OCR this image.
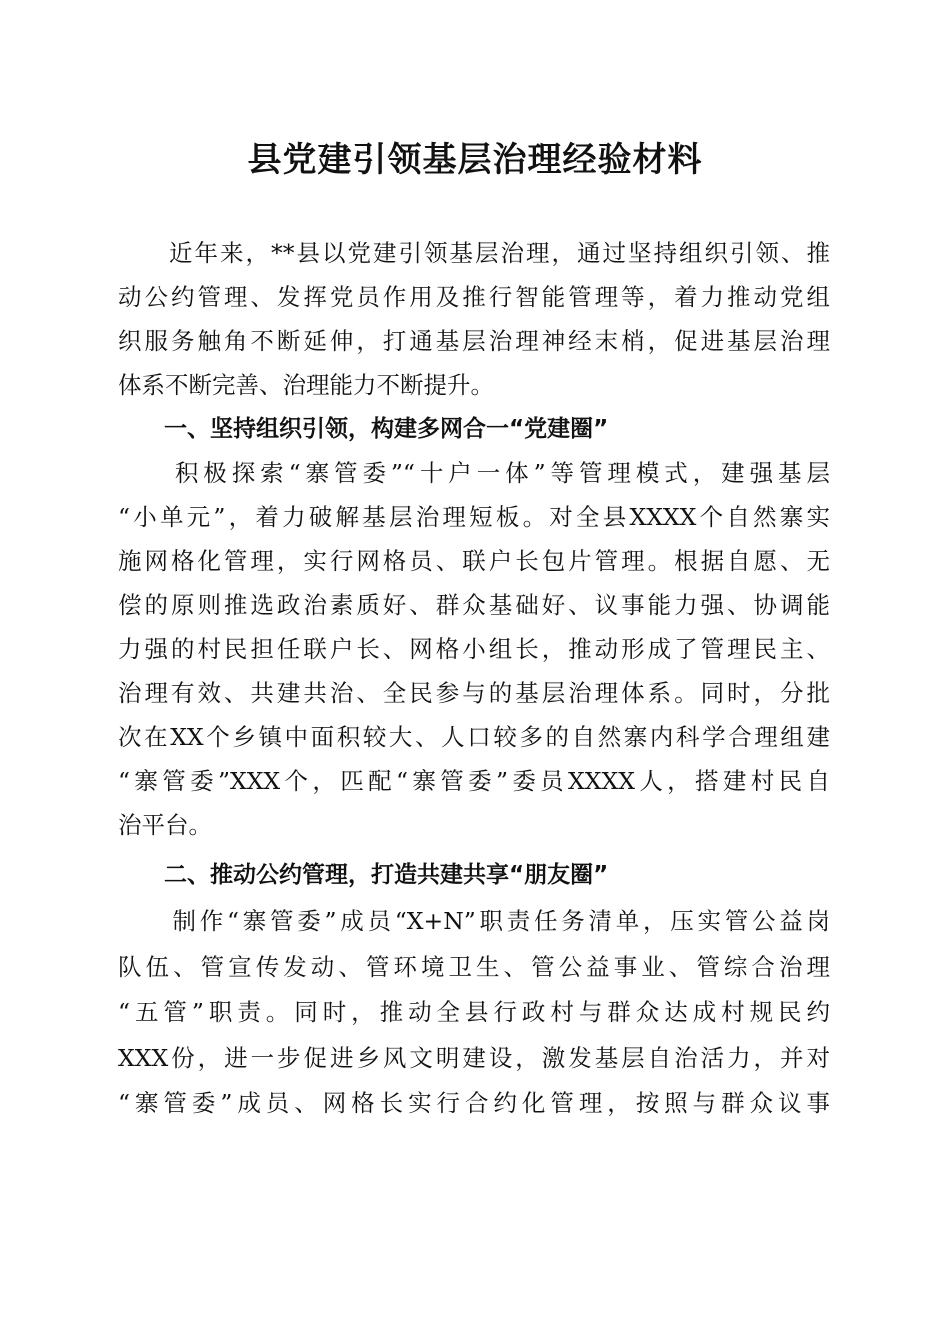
县党建引领基层治理经验材料

　　近年来，**县以党建引领基层治理，通过坚持组织引领、推

动公约管理、发挥党员作用及推行智能管理等，着力推动党组

织服务触角不断延伸，打通基层治理神经末梢，促进基层治理

体系不断完善、治理能力不断提升。

　　一、坚持组织引领，构建多网合一“党建圈”

　　积极探索“寨管委”“十户一体”等管理模式，建强基层

“小单元”，着力破解基层治理短板。对全县XXXX个自然寨实

施网格化管理，实行网格员、联户长包片管理。根据自愿、无

偿的原则推选政治素质好、群众基础好、议事能力强、协调能

力强的村民担任联户长、网格小组长，推动形成了管理民主、

治理有效、共建共治、全民参与的基层治理体系。同时，分批

次在XX个乡镇中面积较大、人口较多的自然寨内科学合理组建

“寨管委”XXX个，匹配“寨管委”委员XXXX人，搭建村民自

治平台。

　　二、推动公约管理，打造共建共享“朋友圈”

　　制作“寨管委”成员“X+N”职责任务清单，压实管公益岗

队伍、管宣传发动、管环境卫生、管公益事业、管综合治理

“五管”职责。同时，推动全县行政村与群众达成村规民约

XXX份，进一步促进乡风文明建设，激发基层自治活力，并对

“寨管委”成员、网格长实行合约化管理，按照与群众议事
